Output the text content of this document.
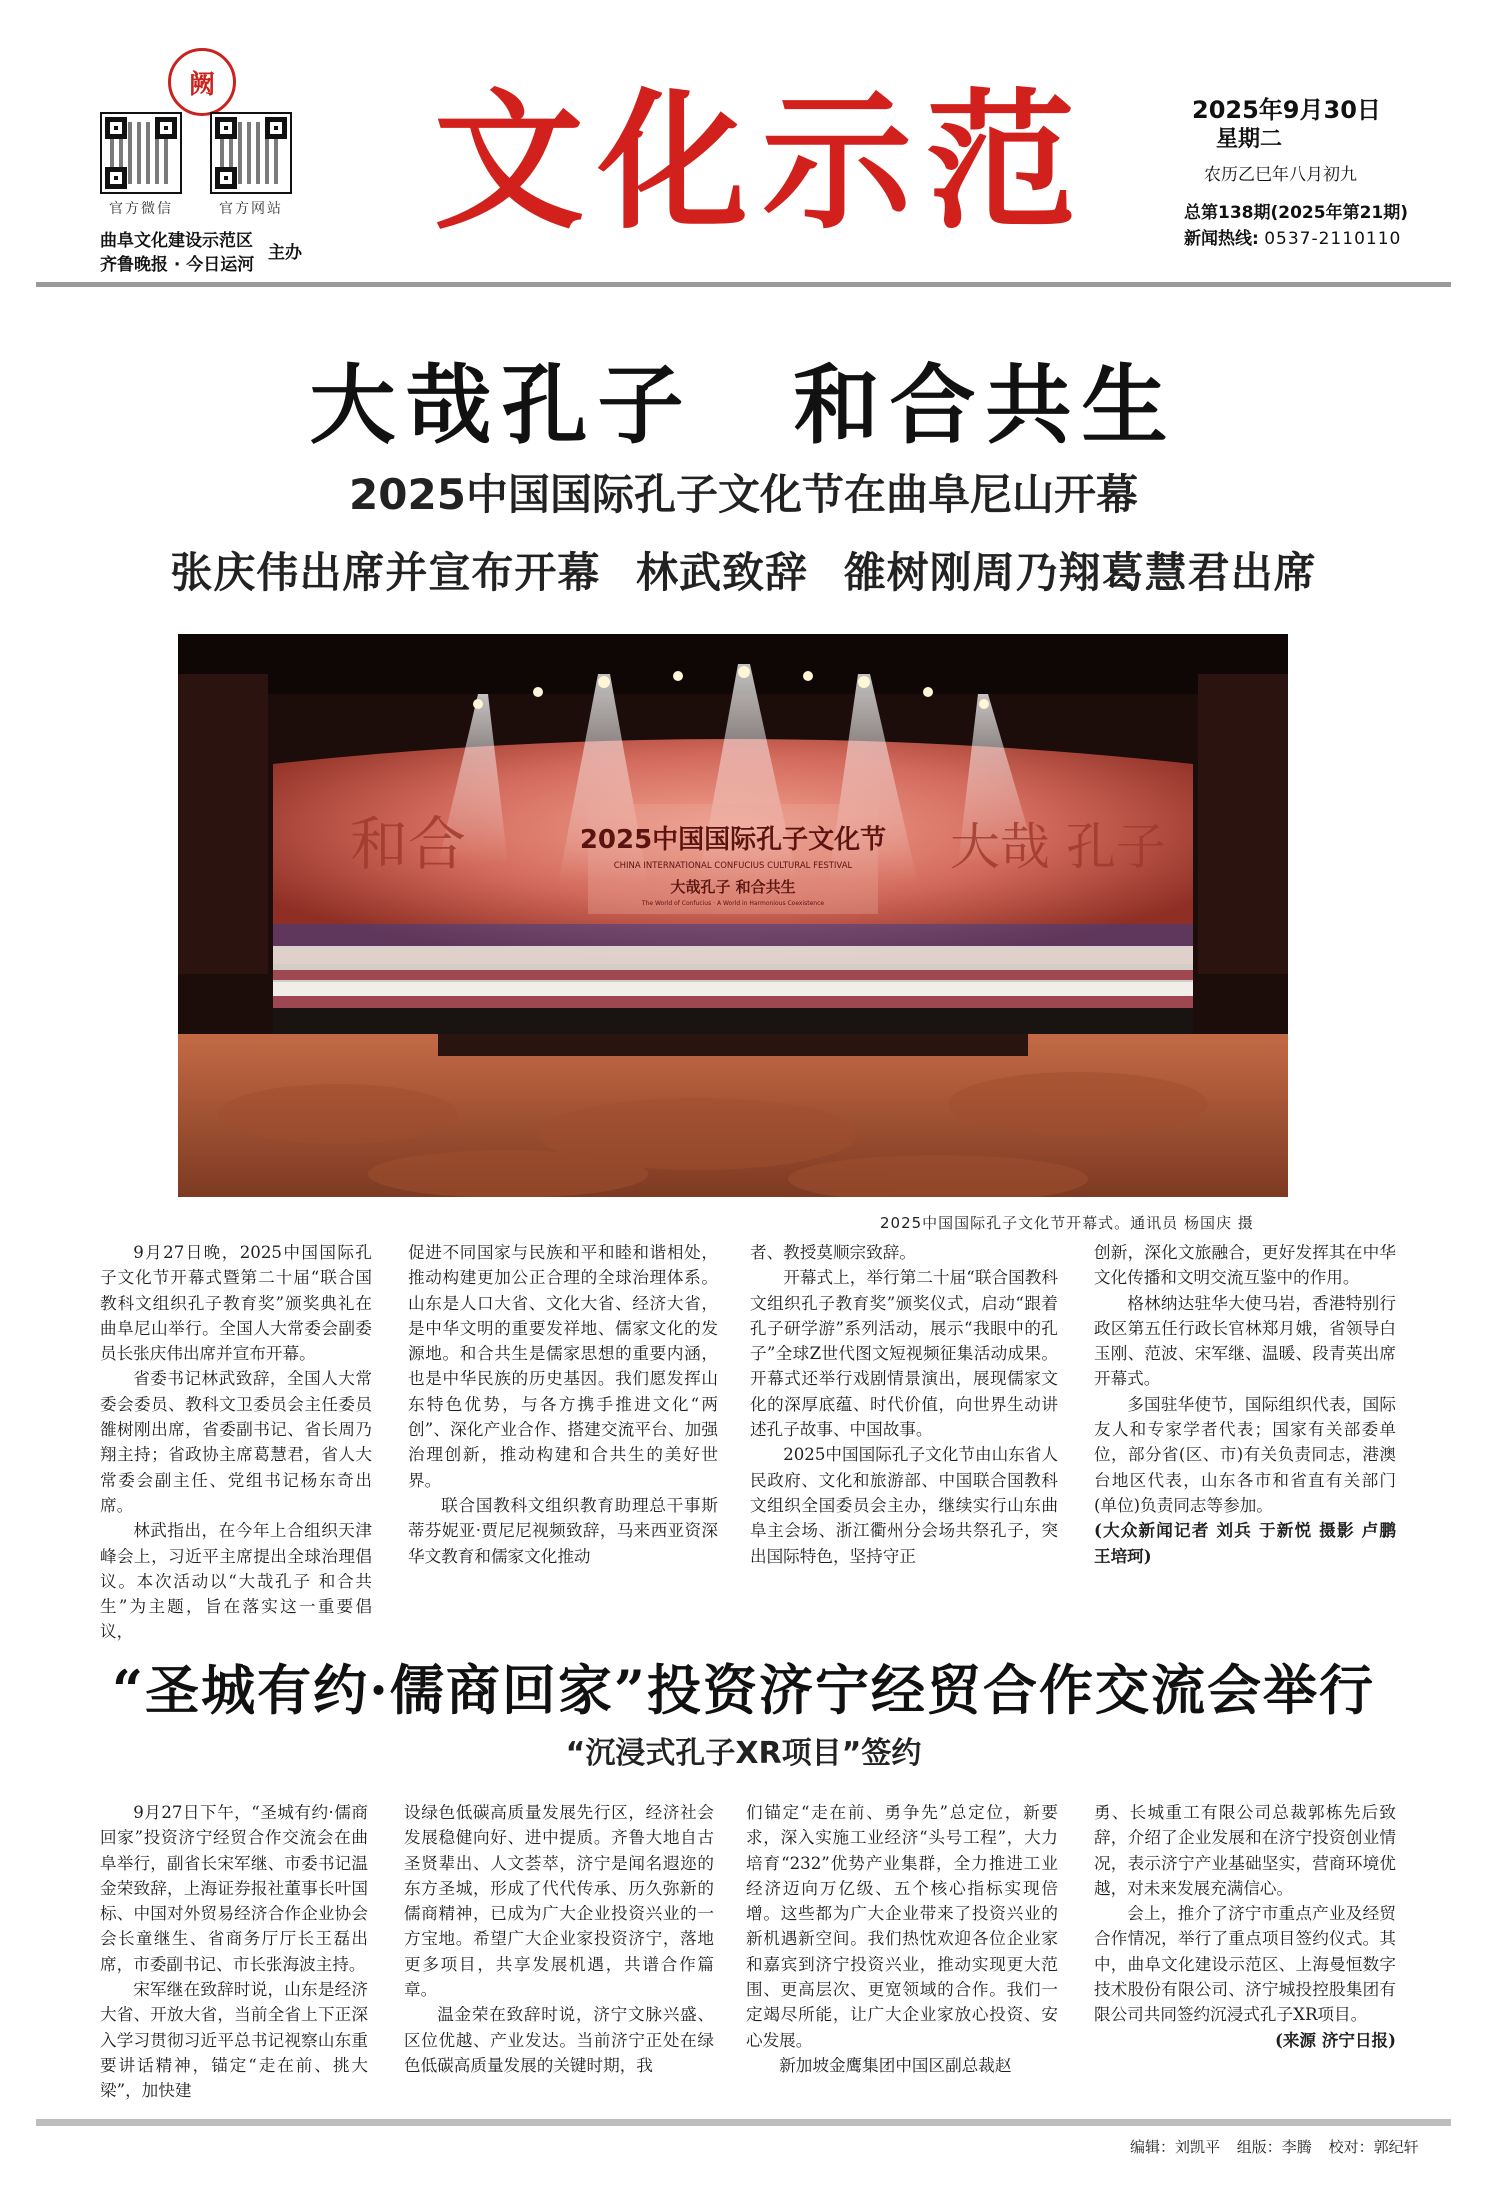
阙
官方微信	官方网站
曲阜文化建设示范区
齐鲁晚报 · 今日运河
主办
文化示范	2025年9月30日
星期二
农历乙巳年八月初九
总第138期(2025年第21期)
新闻热线: 0537-2110110
大哉孔子 和合共生
2025中国国际孔子文化节在曲阜尼山开幕
张庆伟出席并宣布开幕 林武致辞 雒树刚周乃翔葛慧君出席
2025中国国际孔子文化节
CHINA INTERNATIONAL CONFUCIUS CULTURAL FESTIVAL
大哉孔子 和合共生
The World of Confucius · A World in Harmonious Coexistence
和合	大哉 孔子
2025中国国际孔子文化节开幕式。通讯员 杨国庆 摄

9月27日晚，2025中国国际孔子文化节开幕式暨第二十届“联合国教科文组织孔子教育奖”颁奖典礼在曲阜尼山举行。全国人大常委会副委员长张庆伟出席并宣布开幕。

省委书记林武致辞，全国人大常委会委员、教科文卫委员会主任委员雒树刚出席，省委副书记、省长周乃翔主持；省政协主席葛慧君，省人大常委会副主任、党组书记杨东奇出席。

林武指出，在今年上合组织天津峰会上，习近平主席提出全球治理倡议。本次活动以“大哉孔子 和合共生”为主题，旨在落实这一重要倡议，

促进不同国家与民族和平和睦和谐相处，推动构建更加公正合理的全球治理体系。山东是人口大省、文化大省、经济大省，是中华文明的重要发祥地、儒家文化的发源地。和合共生是儒家思想的重要内涵，也是中华民族的历史基因。我们愿发挥山东特色优势，与各方携手推进文化“两创”、深化产业合作、搭建交流平台、加强治理创新，推动构建和合共生的美好世界。

联合国教科文组织教育助理总干事斯蒂芬妮亚·贾尼尼视频致辞，马来西亚资深华文教育和儒家文化推动

者、教授莫顺宗致辞。

开幕式上，举行第二十届“联合国教科文组织孔子教育奖”颁奖仪式，启动“跟着孔子研学游”系列活动，展示“我眼中的孔子”全球Z世代图文短视频征集活动成果。开幕式还举行戏剧情景演出，展现儒家文化的深厚底蕴、时代价值，向世界生动讲述孔子故事、中国故事。

2025中国国际孔子文化节由山东省人民政府、文化和旅游部、中国联合国教科文组织全国委员会主办，继续实行山东曲阜主会场、浙江衢州分会场共祭孔子，突出国际特色，坚持守正

创新，深化文旅融合，更好发挥其在中华文化传播和文明交流互鉴中的作用。

格林纳达驻华大使马岩，香港特别行政区第五任行政长官林郑月娥，省领导白玉刚、范波、宋军继、温暖、段青英出席开幕式。

多国驻华使节，国际组织代表，国际友人和专家学者代表；国家有关部委单位，部分省(区、市)有关负责同志，港澳台地区代表，山东各市和省直有关部门(单位)负责同志等参加。

(大众新闻记者 刘兵 于新悦 摄影 卢鹏 王培珂)

“圣城有约·儒商回家”投资济宁经贸合作交流会举行
“沉浸式孔子XR项目”签约

9月27日下午，“圣城有约·儒商回家”投资济宁经贸合作交流会在曲阜举行，副省长宋军继、市委书记温金荣致辞，上海证券报社董事长叶国标、中国对外贸易经济合作企业协会会长童继生、省商务厅厅长王磊出席，市委副书记、市长张海波主持。

宋军继在致辞时说，山东是经济大省、开放大省，当前全省上下正深入学习贯彻习近平总书记视察山东重要讲话精神，锚定“走在前、挑大梁”，加快建

设绿色低碳高质量发展先行区，经济社会发展稳健向好、进中提质。齐鲁大地自古圣贤辈出、人文荟萃，济宁是闻名遐迩的东方圣城，形成了代代传承、历久弥新的儒商精神，已成为广大企业投资兴业的一方宝地。希望广大企业家投资济宁，落地更多项目，共享发展机遇，共谱合作篇章。

温金荣在致辞时说，济宁文脉兴盛、区位优越、产业发达。当前济宁正处在绿色低碳高质量发展的关键时期，我

们锚定“走在前、勇争先”总定位，新要求，深入实施工业经济“头号工程”，大力培育“232”优势产业集群，全力推进工业经济迈向万亿级、五个核心指标实现倍增。这些都为广大企业带来了投资兴业的新机遇新空间。我们热忱欢迎各位企业家和嘉宾到济宁投资兴业，推动实现更大范围、更高层次、更宽领域的合作。我们一定竭尽所能，让广大企业家放心投资、安心发展。

新加坡金鹰集团中国区副总裁赵

勇、长城重工有限公司总裁郭栋先后致辞，介绍了企业发展和在济宁投资创业情况，表示济宁产业基础坚实，营商环境优越，对未来发展充满信心。

会上，推介了济宁市重点产业及经贸合作情况，举行了重点项目签约仪式。其中，曲阜文化建设示范区、上海曼恒数字技术股份有限公司、济宁城投控股集团有限公司共同签约沉浸式孔子XR项目。

(来源 济宁日报)

编辑：刘凯平 组版：李腾 校对：郭纪轩
